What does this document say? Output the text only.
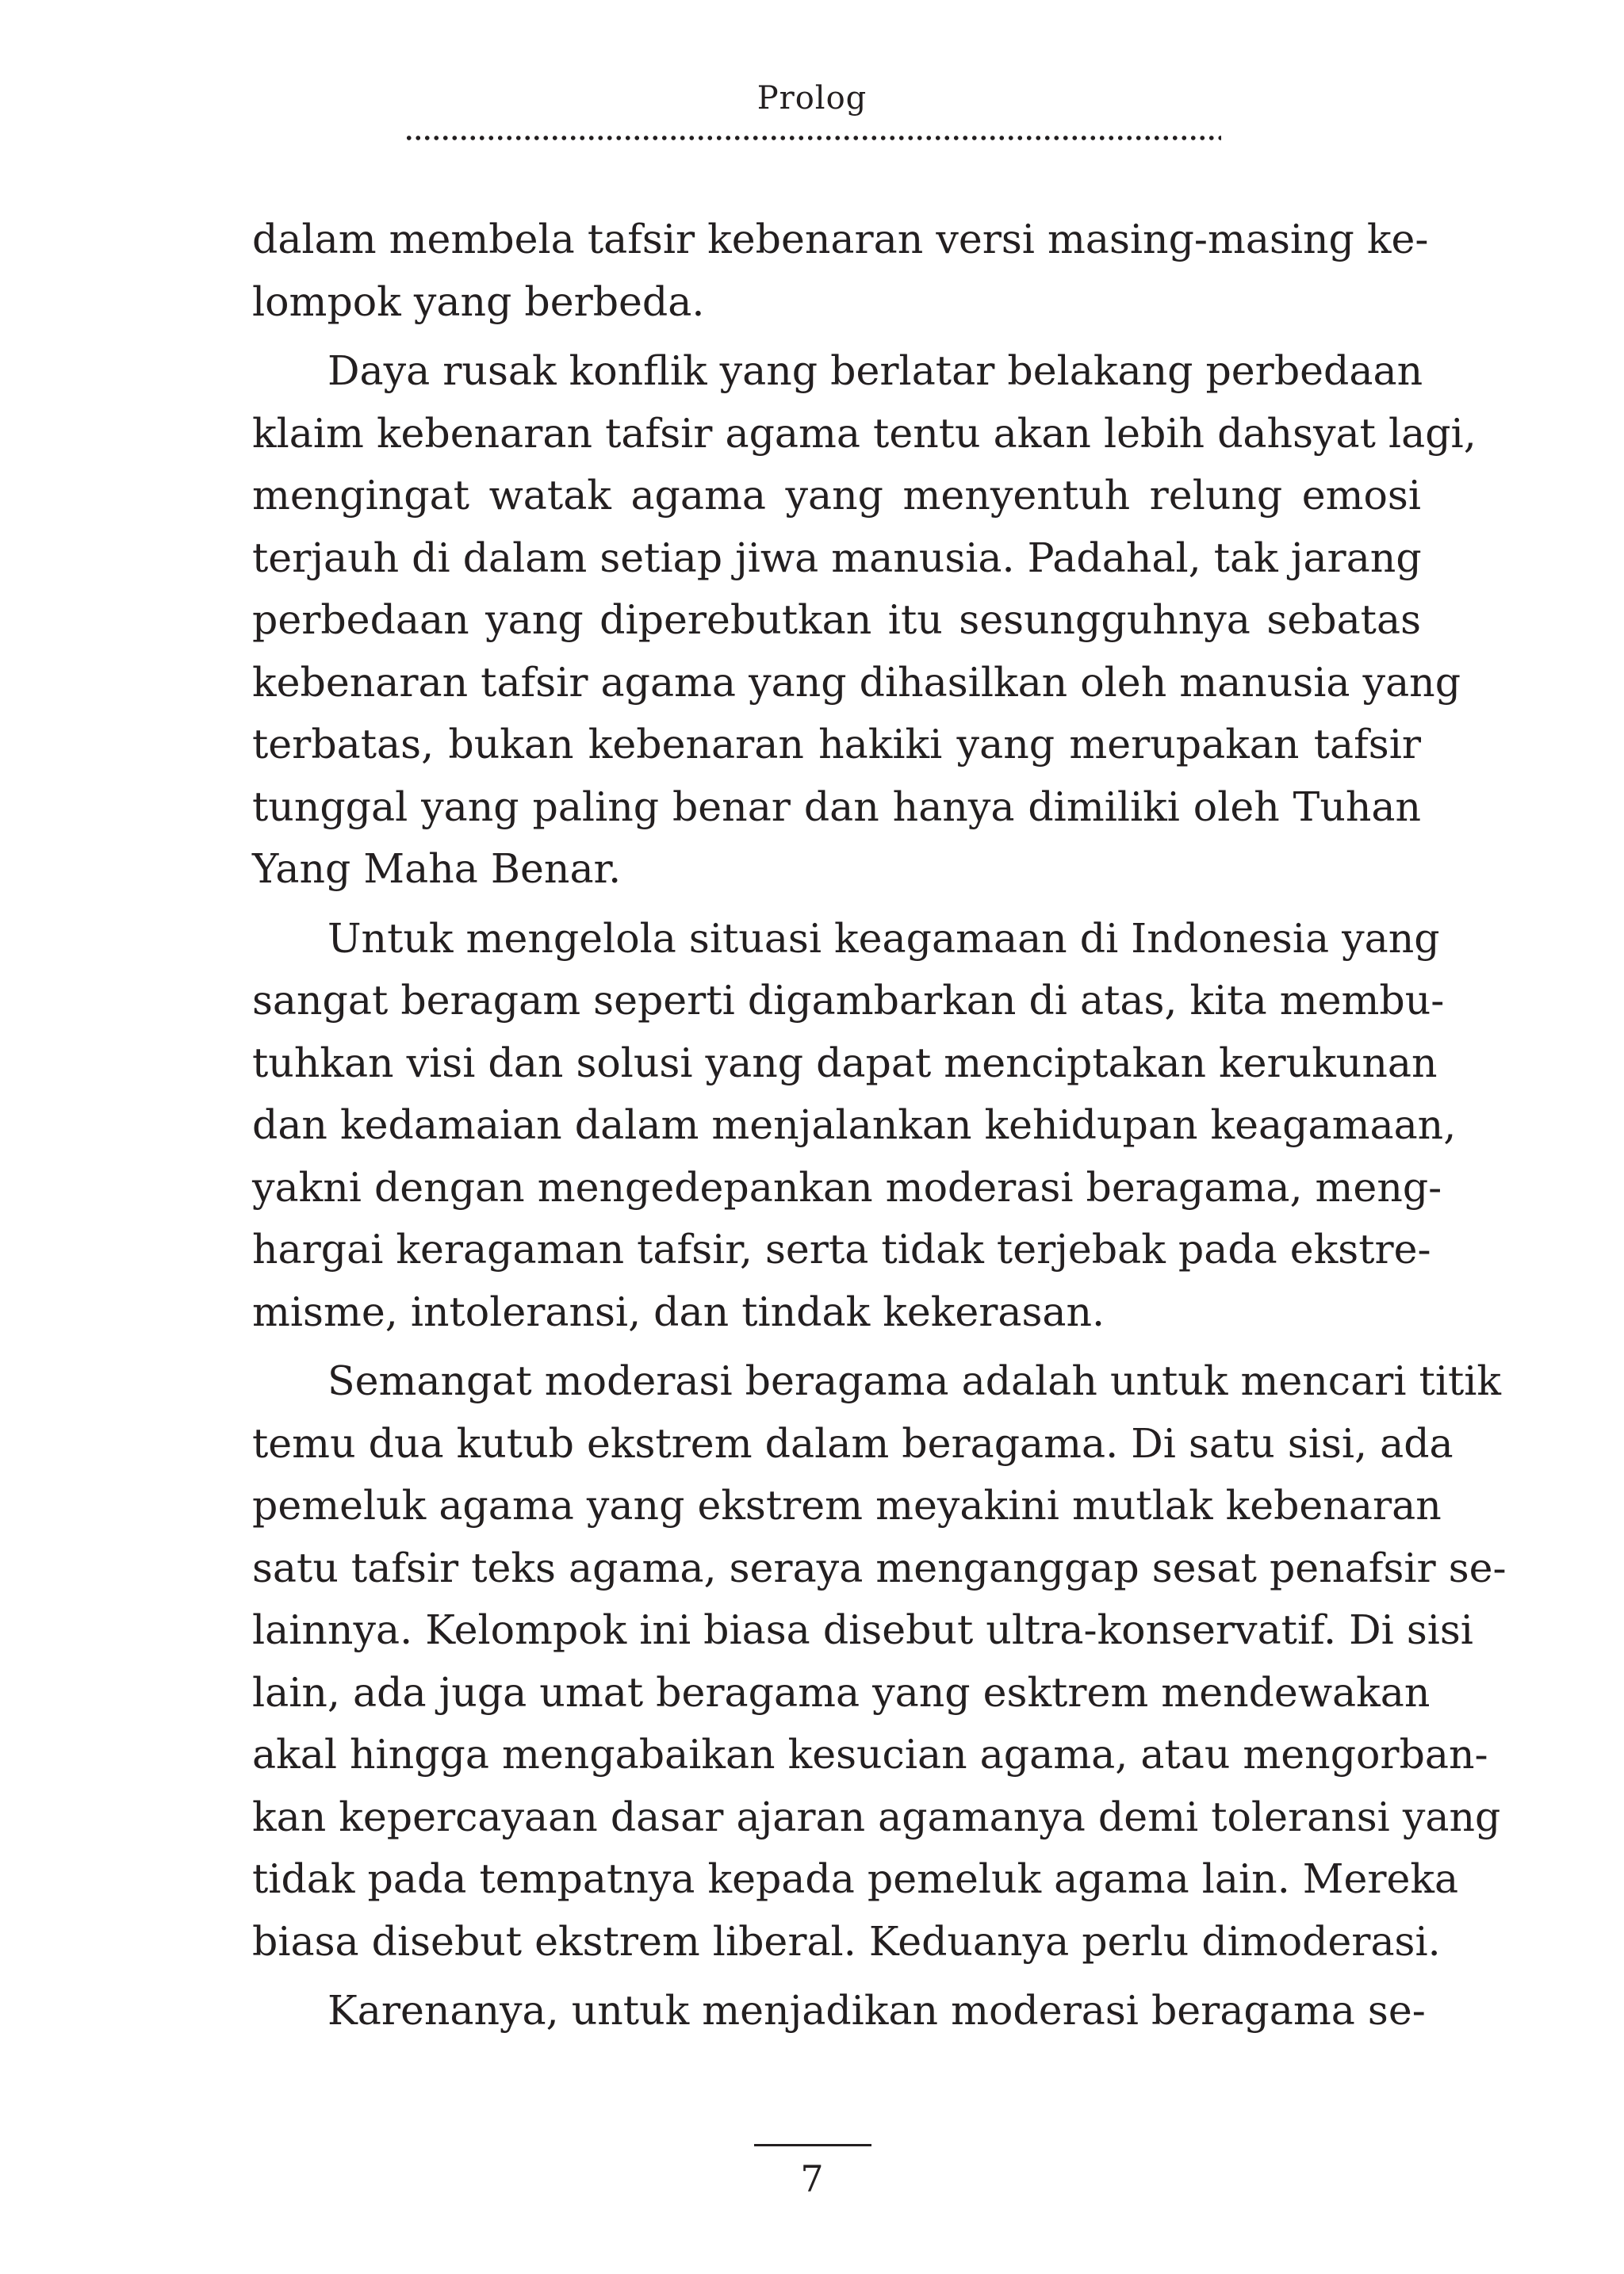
Prolog
dalam membela tafsir kebenaran versi masing-masing ke-
lompok yang berbeda.
Daya rusak konflik yang berlatar belakang perbedaan
klaim kebenaran tafsir agama tentu akan lebih dahsyat lagi,
mengingat watak agama yang menyentuh relung emosi
terjauh di dalam setiap jiwa manusia. Padahal, tak jarang
perbedaan yang diperebutkan itu sesungguhnya sebatas
kebenaran tafsir agama yang dihasilkan oleh manusia yang
terbatas, bukan kebenaran hakiki yang merupakan tafsir
tunggal yang paling benar dan hanya dimiliki oleh Tuhan
Yang Maha Benar.
Untuk mengelola situasi keagamaan di Indonesia yang
sangat beragam seperti digambarkan di atas, kita membu-
tuhkan visi dan solusi yang dapat menciptakan kerukunan
dan kedamaian dalam menjalankan kehidupan keagamaan,
yakni dengan mengedepankan moderasi beragama, meng-
hargai keragaman tafsir, serta tidak terjebak pada ekstre-
misme, intoleransi, dan tindak kekerasan.
Semangat moderasi beragama adalah untuk mencari titik
temu dua kutub ekstrem dalam beragama. Di satu sisi, ada
pemeluk agama yang ekstrem meyakini mutlak kebenaran
satu tafsir teks agama, seraya menganggap sesat penafsir se-
lainnya. Kelompok ini biasa disebut ultra-konservatif. Di sisi
lain, ada juga umat beragama yang esktrem mendewakan
akal hingga mengabaikan kesucian agama, atau mengorban-
kan kepercayaan dasar ajaran agamanya demi toleransi yang
tidak pada tempatnya kepada pemeluk agama lain. Mereka
biasa disebut ekstrem liberal. Keduanya perlu dimoderasi.
Karenanya, untuk menjadikan moderasi beragama se-
7
